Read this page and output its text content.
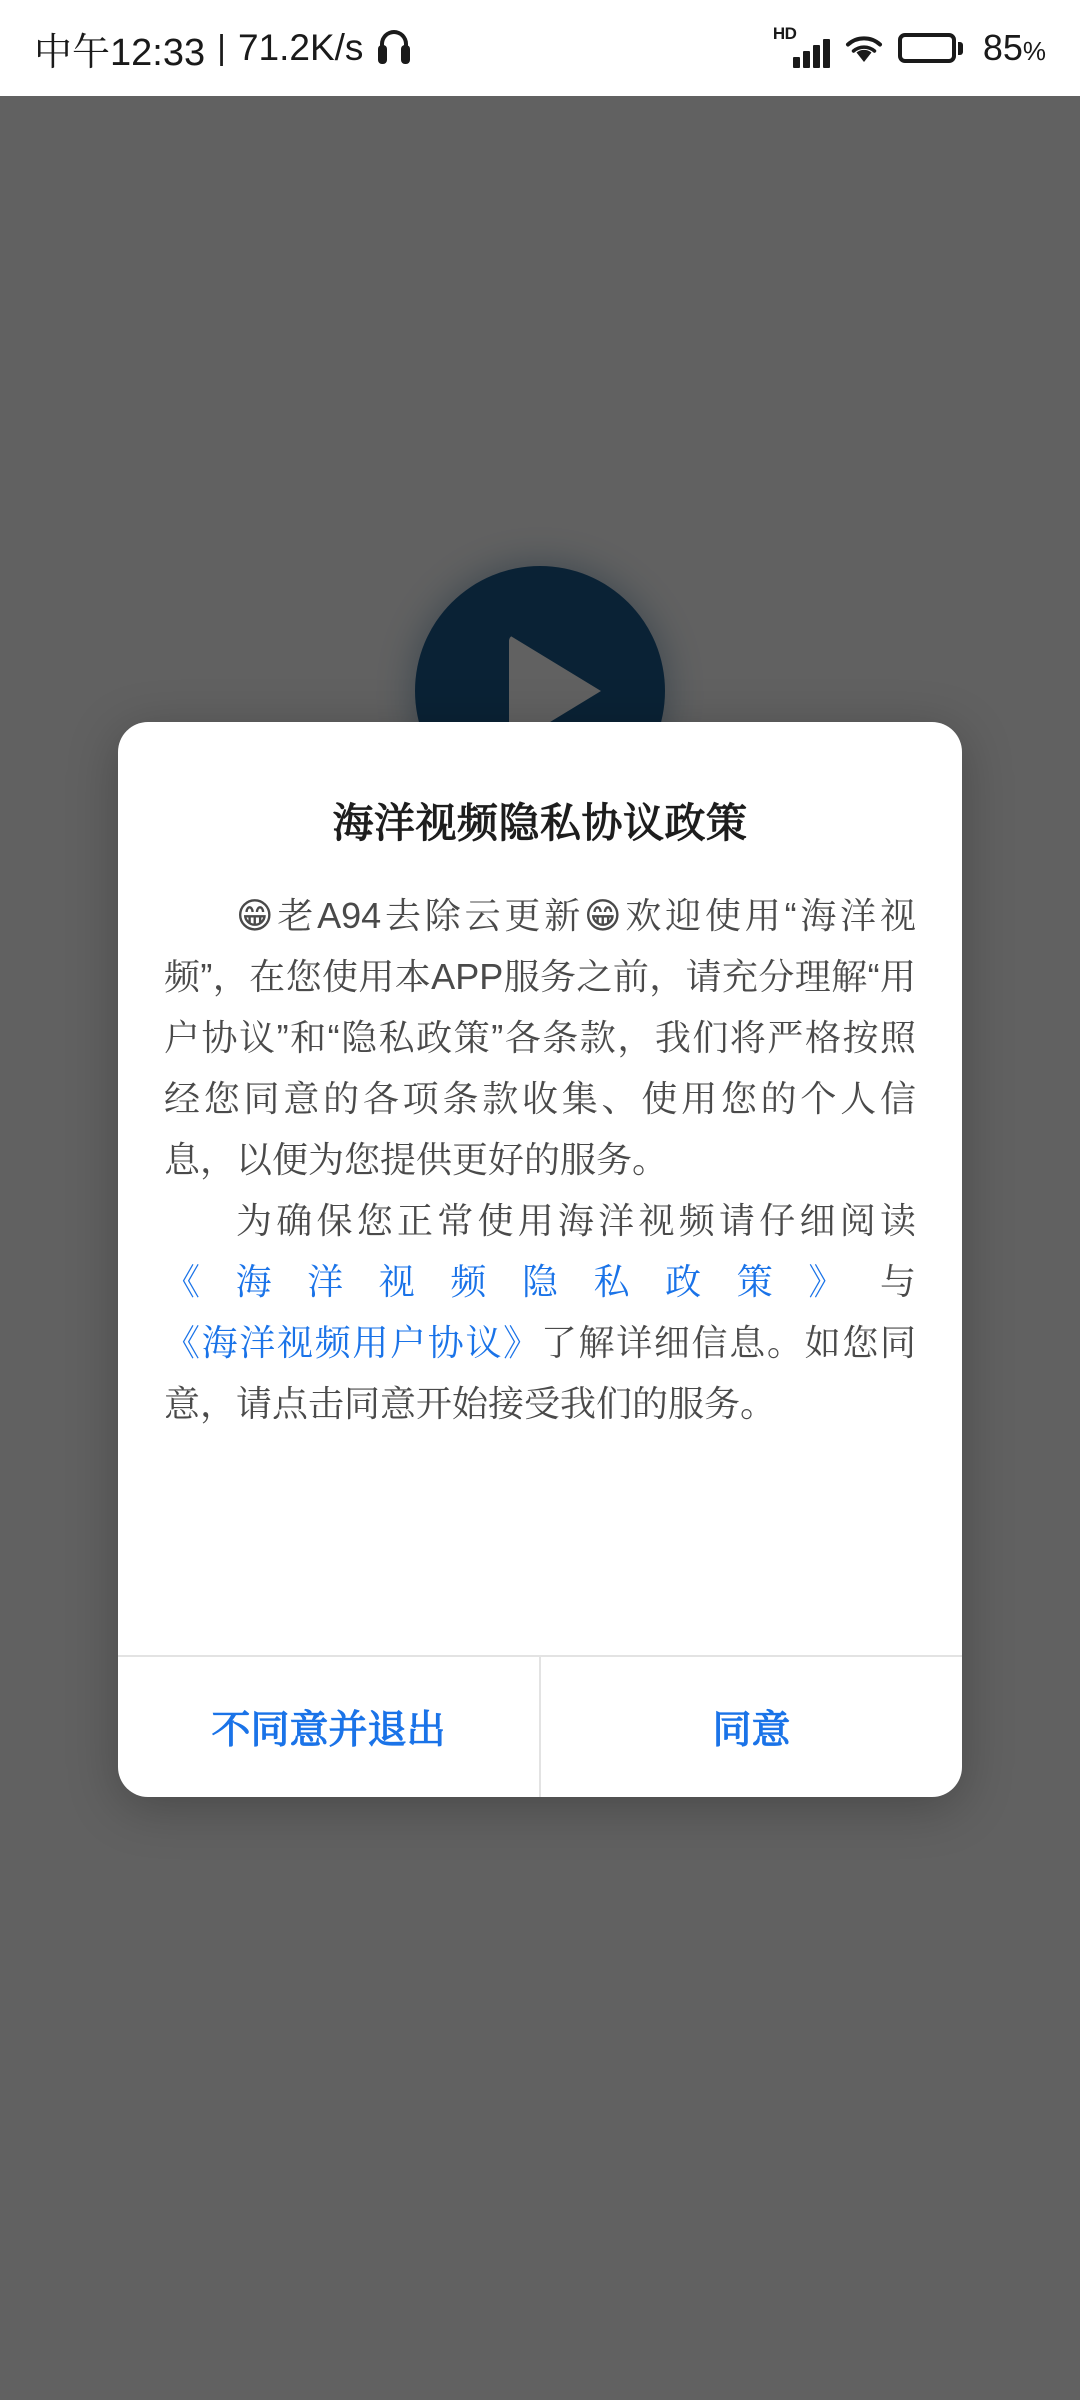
中午12:33 | 71.2K/s	HD	85%
海洋视频隐私协议政策

😁老A94去除云更新😁欢迎使用“海洋视频”，在您使用本APP服务之前，请充分理解“用户协议”和“隐私政策”各条款，我们将严格按照经您同意的各项条款收集、使用您的个人信息，以便为您提供更好的服务。

为确保您正常使用海洋视频请仔细阅读《海洋视频隐私政策》与《海洋视频用户协议》了解详细信息。如您同意，请点击同意开始接受我们的服务。

不同意并退出	同意
